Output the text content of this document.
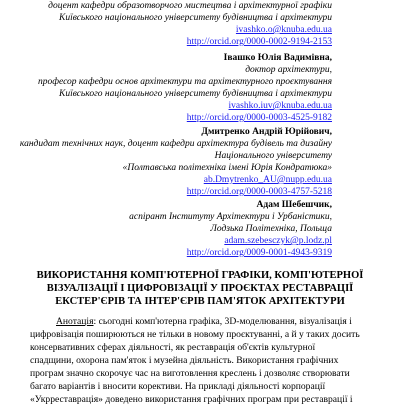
доцент кафедри образотворчого мистецтва і архітектурної графіки
Київського національного університету будівництва і архітектури
ivashko.o@knuba.edu.ua
http://orcid.org/0000-0002-9194-2153
Івашко Юлія Вадимівна,
доктор архітектури,
професор кафедри основ архітектури та архітектурного проєктування
Київського національного університету будівництва і архітектури
ivashko.iuv@knuba.edu.ua
http://orcid.org/0000-0003-4525-9182
Дмитренко Андрій Юрійович,
кандидат технічних наук, доцент кафедри архітектура будівель та дизайну
Національного університету
«Полтавська політехніка імені Юрія Кондратюка»
ab.Dmytrenko_AU@nupp.edu.ua
http://orcid.org/0000-0003-4757-5218
Адам Шебешчик,
аспірант Інституту Архітектури і Урбаністики,
Лодзька Політехніка, Польща
adam.szebesczyk@p.lodz.pl
http://orcid.org/0009-0001-4943-9319
ВИКОРИСТАННЯ КОМП'ЮТЕРНОЇ ГРАФІКИ, КОМП'ЮТЕРНОЇ
ВІЗУАЛІЗАЦІЇ І ЦИФРОВІЗАЦІЇ У ПРОЄКТАХ РЕСТАВРАЦІЇ
ЕКСТЕР'ЄРІВ ТА ІНТЕР'ЄРІВ ПАМ'ЯТОК АРХІТЕКТУРИ
Анотація: сьогодні комп'ютерна графіка, 3D-моделювання, візуалізація і
цифровізація поширюються не тільки в новому проєктуванні, а й у таких досить
консервативних сферах діяльності, як реставрація об'єктів культурної
спадщини, охорона пам'яток і музейна діяльність. Використання графічних
програм значно скорочує час на виготовлення креслень і дозволяє створювати
багато варіантів і вносити корективи. На прикладі діяльності корпорації
«Укрреставрація» доведено використання графічних програм при реставрації і
